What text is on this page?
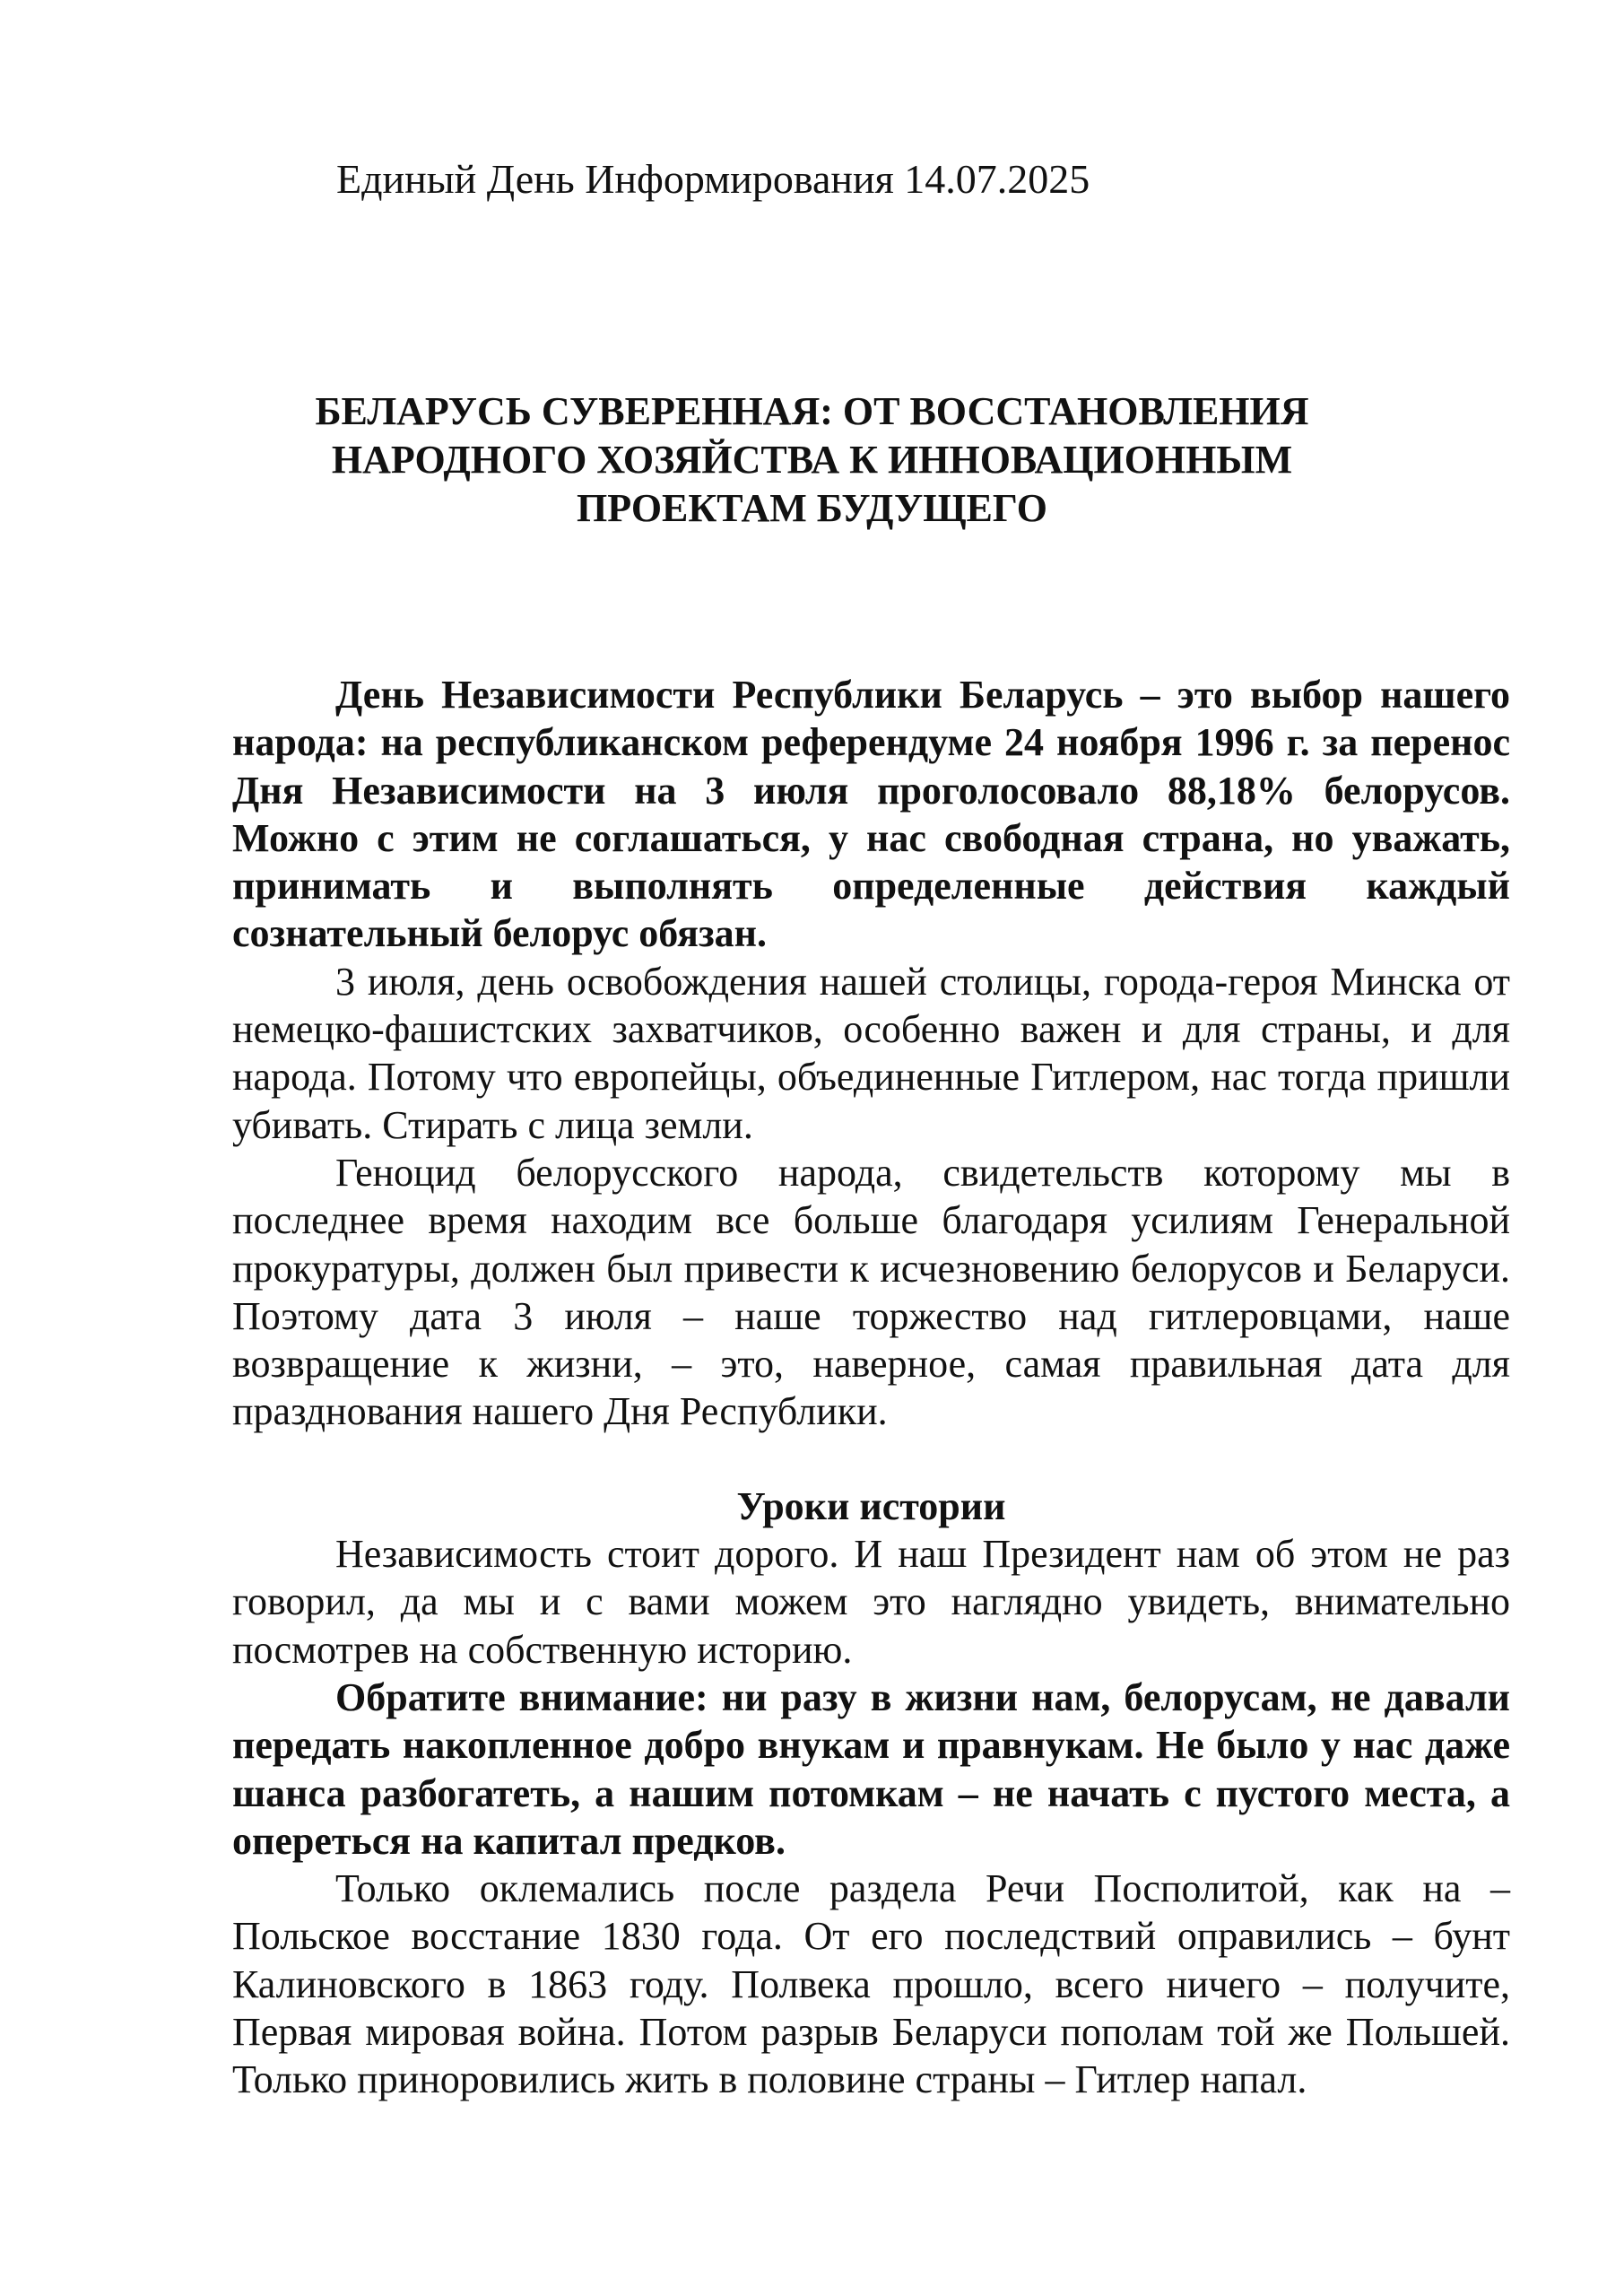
Единый День Информирования 14.07.2025
БЕЛАРУСЬ СУВЕРЕННАЯ: ОТ ВОССТАНОВЛЕНИЯ
НАРОДНОГО ХОЗЯЙСТВА К ИННОВАЦИОННЫМ
ПРОЕКТАМ БУДУЩЕГО

День Независимости Республики Беларусь – это выбор нашего народа: на республиканском референдуме 24 ноября 1996 г. за перенос Дня Независимости на 3 июля проголосовало 88,18% белорусов. Можно с этим не соглашаться, у нас свободная страна, но уважать, принимать и выполнять определенные действия каждый сознательный белорус обязан.

3 июля, день освобождения нашей столицы, города-героя Минска от немецко-фашистских захватчиков, особенно важен и для страны, и для народа. Потому что европейцы, объединенные Гитлером, нас тогда пришли убивать. Стирать с лица земли.

Геноцид белорусского народа, свидетельств которому мы в последнее время находим все больше благодаря усилиям Генеральной прокуратуры, должен был привести к исчезновению белорусов и Беларуси. Поэтому дата 3 июля – наше торжество над гитлеровцами, наше возвращение к жизни, – это, наверное, самая правильная дата для празднования нашего Дня Республики.

Уроки истории

Независимость стоит дорого. И наш Президент нам об этом не раз говорил, да мы и с вами можем это наглядно увидеть, внимательно посмотрев на собственную историю.

Обратите внимание: ни разу в жизни нам, белорусам, не давали передать накопленное добро внукам и правнукам. Не было у нас даже шанса разбогатеть, а нашим потомкам – не начать с пустого места, а опереться на капитал предков.

Только оклемались после раздела Речи Посполитой, как на – Польское восстание 1830 года. От его последствий оправились – бунт Калиновского в 1863 году. Полвека прошло, всего ничего – получите, Первая мировая война. Потом разрыв Беларуси пополам той же Польшей. Только приноровились жить в половине страны – Гитлер напал.
